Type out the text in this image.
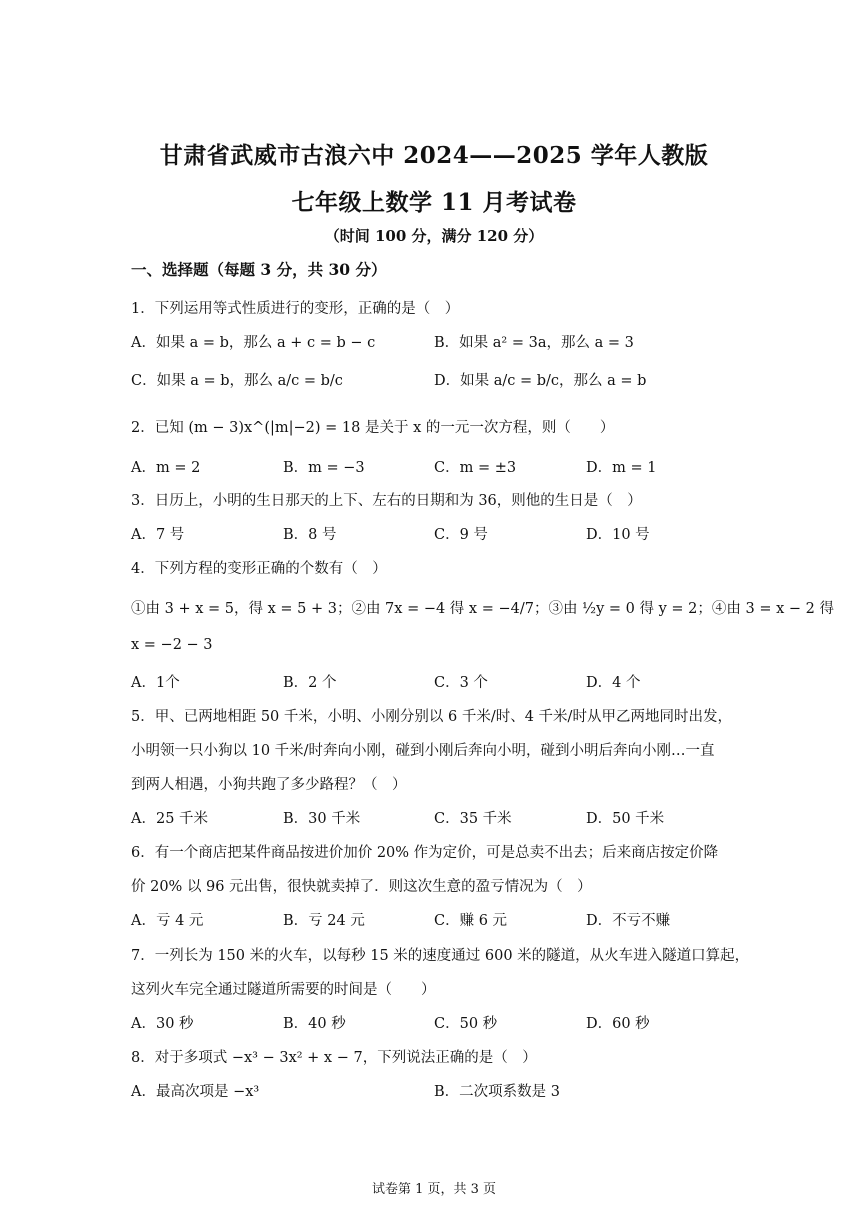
甘肃省武威市古浪六中 2024——2025 学年人教版
七年级上数学 11 月考试卷

（时间 100 分，满分 120 分）

一、选择题（每题 3 分，共 30 分）

1．下列运用等式性质进行的变形，正确的是（　）

A．如果 a = b，那么 a + c = b − c	B．如果 a² = 3a，那么 a = 3
C．如果 a = b，那么 a/c = b/c	D．如果 a/c = b/c，那么 a = b

2．已知 (m − 3)x^(|m|−2) = 18 是关于 x 的一元一次方程，则（　　）

A．m = 2	B．m = −3	C．m = ±3	D．m = 1

3．日历上，小明的生日那天的上下、左右的日期和为 36，则他的生日是（　）

A．7 号	B．8 号	C．9 号	D．10 号

4．下列方程的变形正确的个数有（　）

①由 3 + x = 5，得 x = 5 + 3；②由 7x = −4 得 x = −4/7；③由 ½y = 0 得 y = 2；④由 3 = x − 2 得

x = −2 − 3

A．1个	B．2 个	C．3 个	D．4 个

5．甲、已两地相距 50 千米，小明、小刚分别以 6 千米/时、4 千米/时从甲乙两地同时出发，

小明领一只小狗以 10 千米/时奔向小刚，碰到小刚后奔向小明，碰到小明后奔向小刚…一直

到两人相遇，小狗共跑了多少路程？（　）

A．25 千米	B．30 千米	C．35 千米	D．50 千米

6．有一个商店把某件商品按进价加价 20% 作为定价，可是总卖不出去；后来商店按定价降

价 20% 以 96 元出售，很快就卖掉了．则这次生意的盈亏情况为（　）

A．亏 4 元	B．亏 24 元	C．赚 6 元	D．不亏不赚

7．一列长为 150 米的火车，以每秒 15 米的速度通过 600 米的隧道，从火车进入隧道口算起，

这列火车完全通过隧道所需要的时间是（　　）

A．30 秒	B．40 秒	C．50 秒	D．60 秒

8．对于多项式 −x³ − 3x² + x − 7，下列说法正确的是（　）

A．最高次项是 −x³	B．二次项系数是 3

试卷第 1 页，共 3 页
